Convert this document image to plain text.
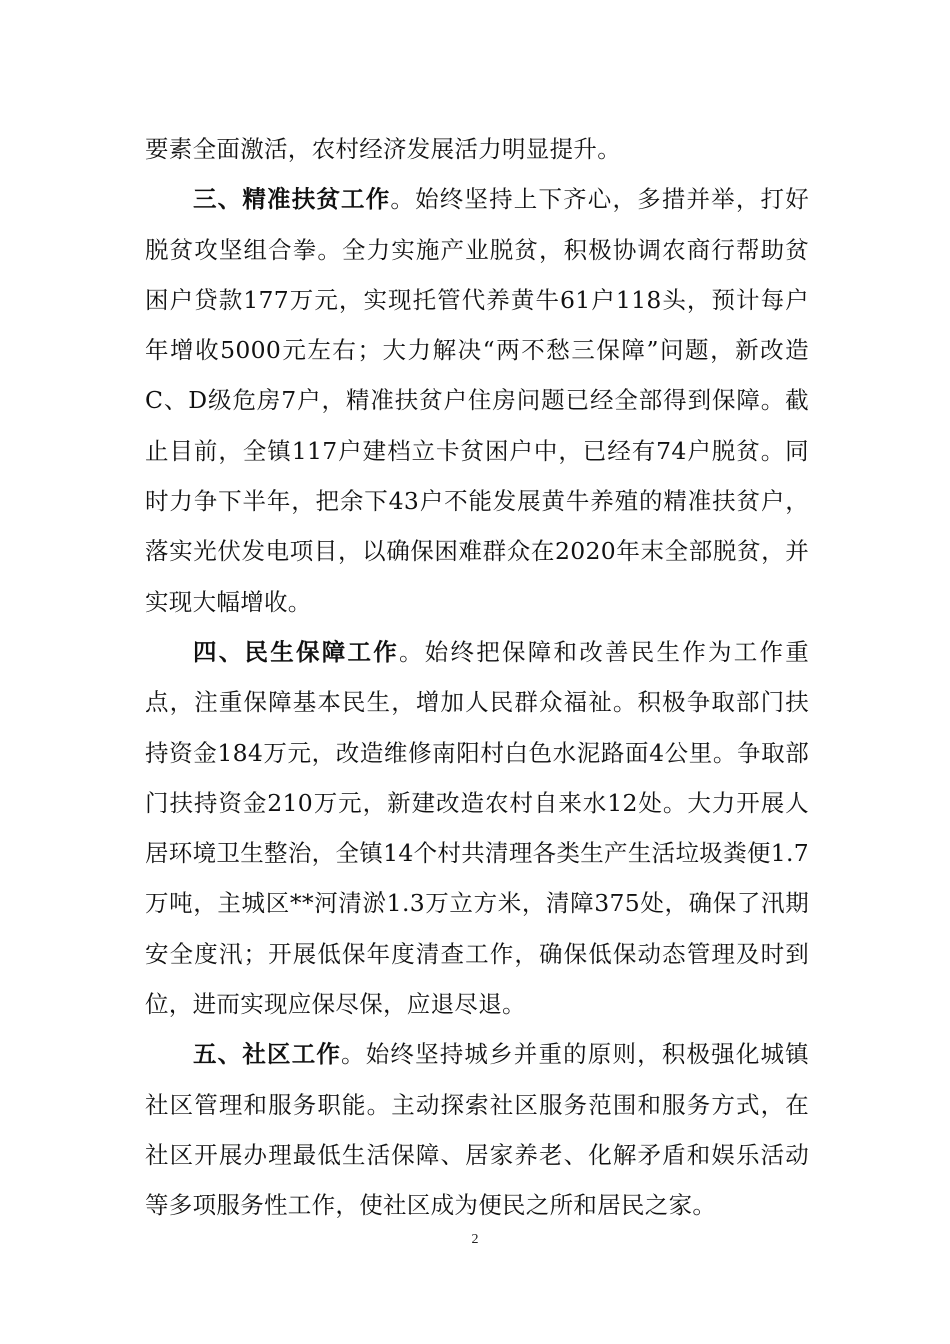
要素全面激活，农村经济发展活力明显提升。

三、精准扶贫工作。始终坚持上下齐心，多措并举，打好脱贫攻坚组合拳。全力实施产业脱贫，积极协调农商行帮助贫困户贷款177万元，实现托管代养黄牛61户118头，预计每户年增收5000元左右；大力解决“两不愁三保障”问题，新改造C、D级危房7户，精准扶贫户住房问题已经全部得到保障。截止目前，全镇117户建档立卡贫困户中，已经有74户脱贫。同时力争下半年，把余下43户不能发展黄牛养殖的精准扶贫户，落实光伏发电项目，以确保困难群众在2020年末全部脱贫，并实现大幅增收。

四、民生保障工作。始终把保障和改善民生作为工作重点，注重保障基本民生，增加人民群众福祉。积极争取部门扶持资金184万元，改造维修南阳村白色水泥路面4公里。争取部门扶持资金210万元，新建改造农村自来水12处。大力开展人居环境卫生整治，全镇14个村共清理各类生产生活垃圾粪便1.7万吨，主城区**河清淤1.3万立方米，清障375处，确保了汛期安全度汛；开展低保年度清查工作，确保低保动态管理及时到位，进而实现应保尽保，应退尽退。

五、社区工作。始终坚持城乡并重的原则，积极强化城镇社区管理和服务职能。主动探索社区服务范围和服务方式，在社区开展办理最低生活保障、居家养老、化解矛盾和娱乐活动等多项服务性工作，使社区成为便民之所和居民之家。

2
